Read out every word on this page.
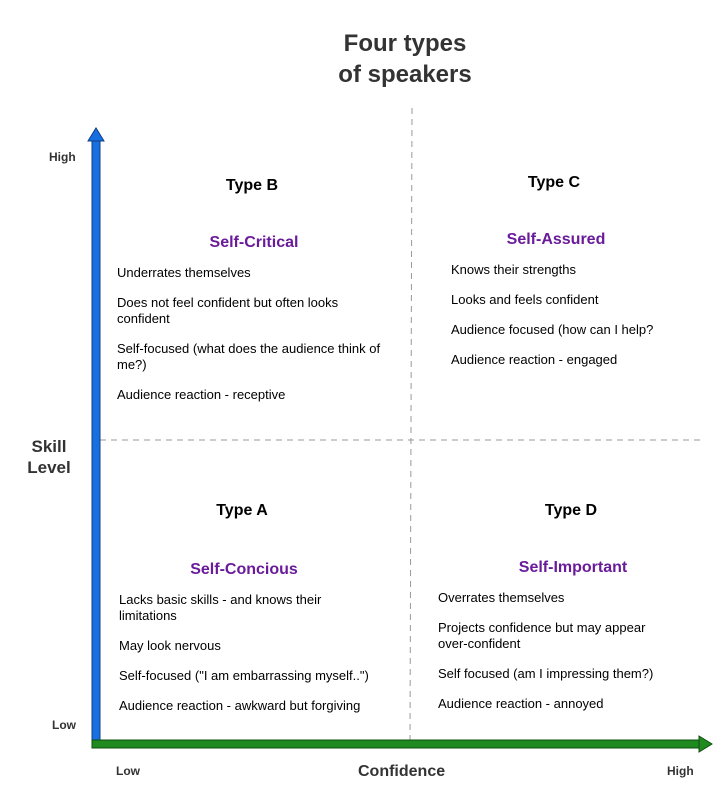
Four types
of speakers
Skill
Level
High
Low
Low	Confidence	High
Type B
Self-Critical
Underrates themselves
Does not feel confident but often looks confident
Self-focused (what does the audience think of me?)
Audience reaction - receptive
Type C
Self-Assured
Knows their strengths
Looks and feels confident
Audience focused (how can I help?
Audience reaction - engaged
Type A
Self-Concious
Lacks basic skills - and knows their limitations
May look nervous
Self-focused ("I am embarrassing myself..")
Audience reaction - awkward but forgiving
Type D
Self-Important
Overrates themselves
Projects confidence but may appear over-confident
Self focused (am I impressing them?)
Audience reaction - annoyed
